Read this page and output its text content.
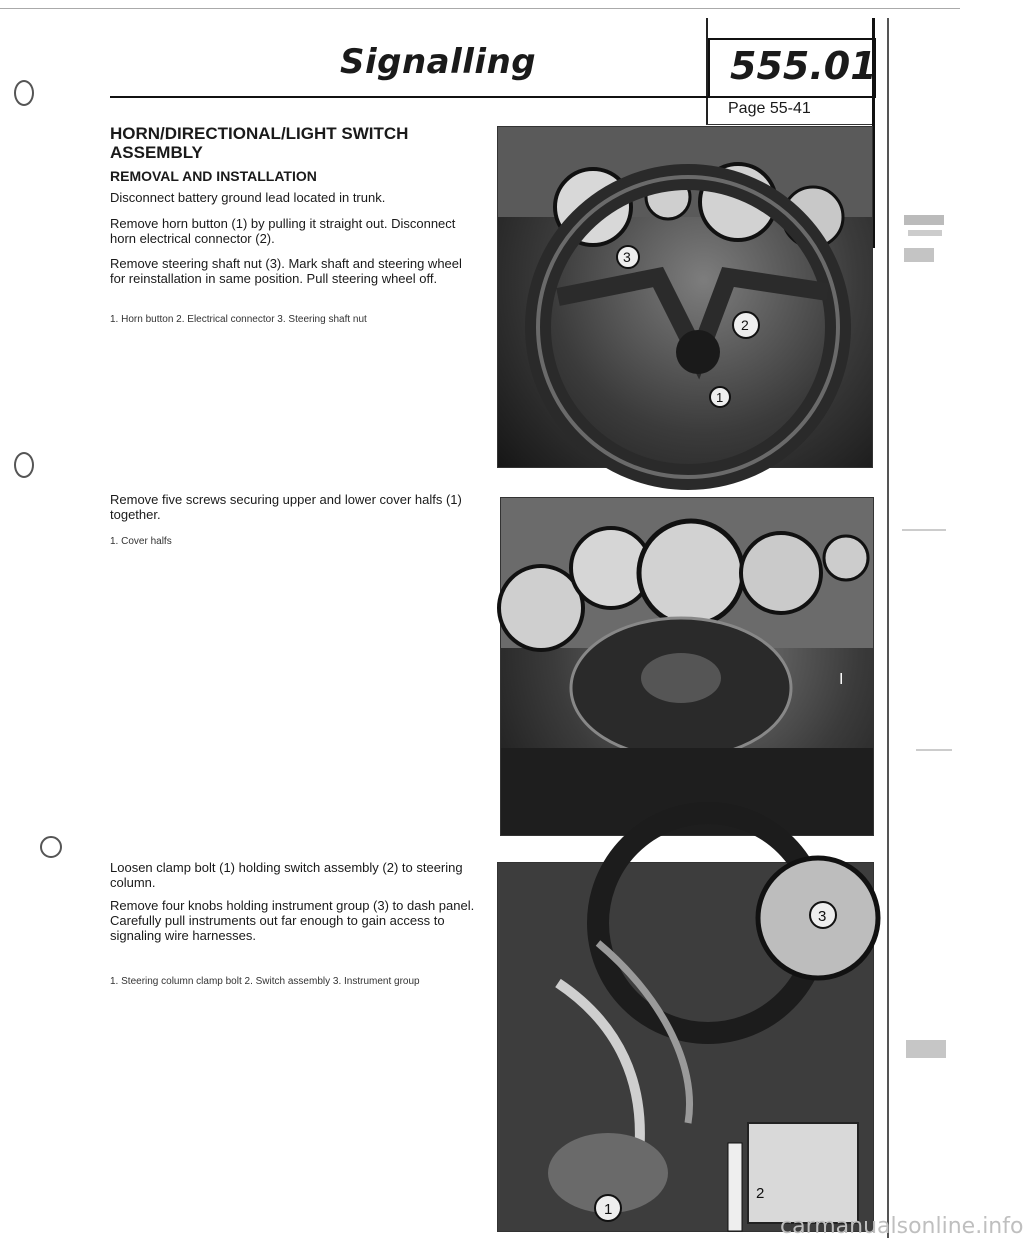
Signalling	555.01
Page 55-41
HORN/DIRECTIONAL/LIGHT SWITCH ASSEMBLY
REMOVAL AND INSTALLATION
Disconnect battery ground lead located in trunk.
Remove horn button (1) by pulling it straight out. Disconnect horn electrical connector (2).
Remove steering shaft nut (3). Mark shaft and steering wheel for reinstallation in same position. Pull steering wheel off.
1. Horn button 2. Electrical connector 3. Steering shaft nut
3
2
1
Remove five screws securing upper and lower cover halfs (1) together.
1. Cover halfs
I
Loosen clamp bolt (1) holding switch assembly (2) to steering column.
Remove four knobs holding instrument group (3) to dash panel. Carefully pull instruments out far enough to gain access to signaling wire harnesses.
1. Steering column clamp bolt 2. Switch assembly 3. Instrument group
3
1
2
carmanualsonline.info
